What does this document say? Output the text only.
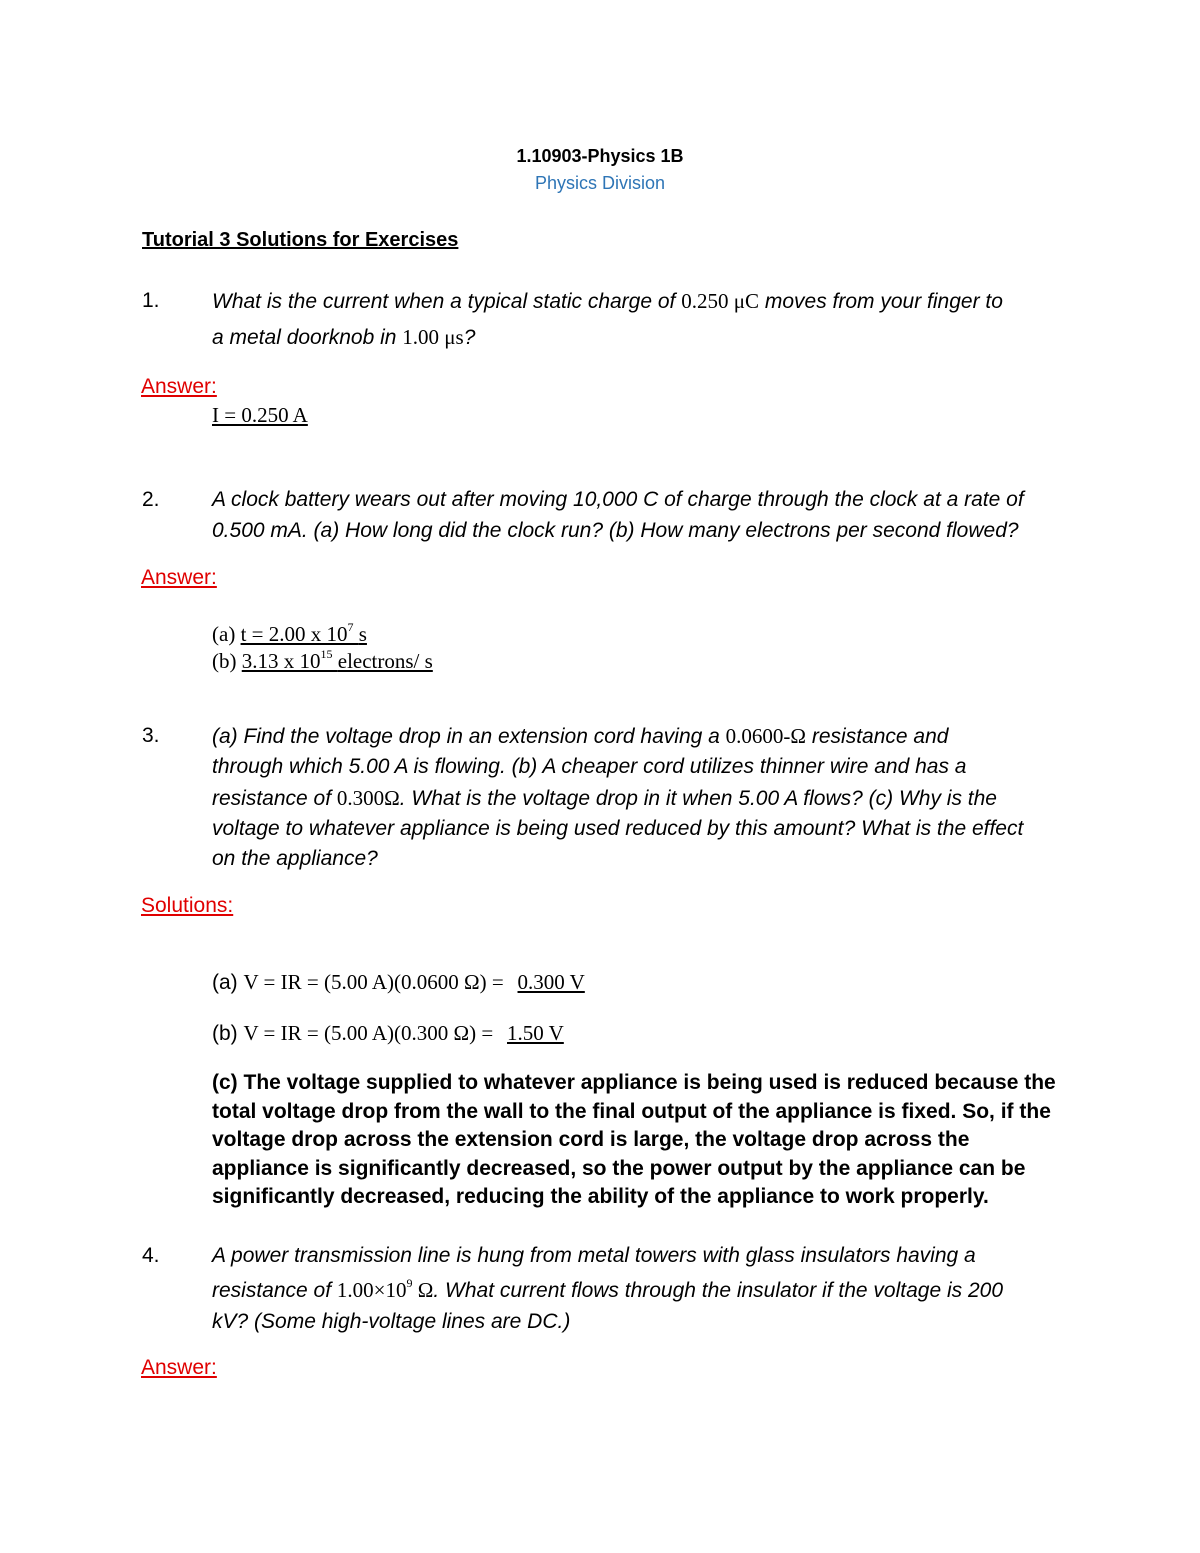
1.10903-Physics 1B
Physics Division
Tutorial 3 Solutions for Exercises
1. What is the current when a typical static charge of 0.250 μC moves from your finger to
a metal doorknob in 1.00 μs?
Answer:
I = 0.250 A
2. A clock battery wears out after moving 10,000 C of charge through the clock at a rate of
0.500 mA. (a) How long did the clock run? (b) How many electrons per second flowed?
Answer:
(a) t = 2.00 x $10^7$ s
(b) 3.13 x $10^{15}$ electrons/ s
3. (a) Find the voltage drop in an extension cord having a 0.0600-Ω resistance and
through which 5.00 A is flowing. (b) A cheaper cord utilizes thinner wire and has a
resistance of 0.300Ω. What is the voltage drop in it when 5.00 A flows? (c) Why is the
voltage to whatever appliance is being used reduced by this amount? What is the effect
on the appliance?
Solutions:
(a) V = IR = (5.00 A)(0.0600 Ω) = 0.300 V
(b) V = IR = (5.00 A)(0.300 Ω) = 1.50 V
(c) The voltage supplied to whatever appliance is being used is reduced because the total voltage drop from the wall to the final output of the appliance is fixed. So, if the voltage drop across the extension cord is large, the voltage drop across the appliance is significantly decreased, so the power output by the appliance can be significantly decreased, reducing the ability of the appliance to work properly.
4. A power transmission line is hung from metal towers with glass insulators having a
resistance of $1.00\times 10^9$ Ω. What current flows through the insulator if the voltage is 200
kV? (Some high-voltage lines are DC.)
Answer:
